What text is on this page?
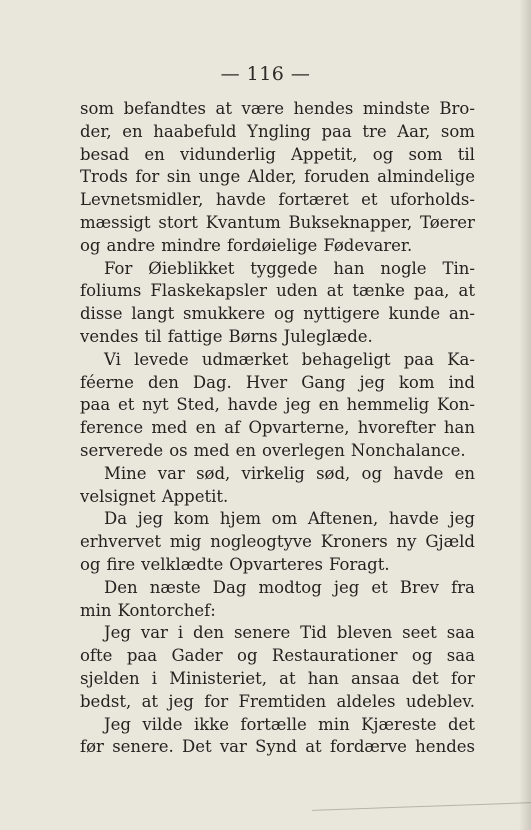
— 116 —
som befandtes at være hendes mindste Bro-
der, en haabefuld Yngling paa tre Aar, som
besad en vidunderlig Appetit, og som til
Trods for sin unge Alder, foruden almindelige
Levnetsmidler, havde fortæret et uforholds-
mæssigt stort Kvantum Bukseknapper, Tøerer
og andre mindre fordøielige Fødevarer.
For Øieblikket tyggede han nogle Tin-
foliums Flaskekapsler uden at tænke paa, at
disse langt smukkere og nyttigere kunde an-
vendes til fattige Børns Juleglæde.
Vi levede udmærket behageligt paa Ka-
féerne den Dag. Hver Gang jeg kom ind
paa et nyt Sted, havde jeg en hemmelig Kon-
ference med en af Opvarterne, hvorefter han
serverede os med en overlegen Nonchalance.
Mine var sød, virkelig sød, og havde en
velsignet Appetit.
Da jeg kom hjem om Aftenen, havde jeg
erhvervet mig nogleogtyve Kroners ny Gjæld
og fire velklædte Opvarteres Foragt.
Den næste Dag modtog jeg et Brev fra
min Kontorchef:
Jeg var i den senere Tid bleven seet saa
ofte paa Gader og Restaurationer og saa
sjelden i Ministeriet, at han ansaa det for
bedst, at jeg for Fremtiden aldeles udeblev.
Jeg vilde ikke fortælle min Kjæreste det
før senere. Det var Synd at fordærve hendes
